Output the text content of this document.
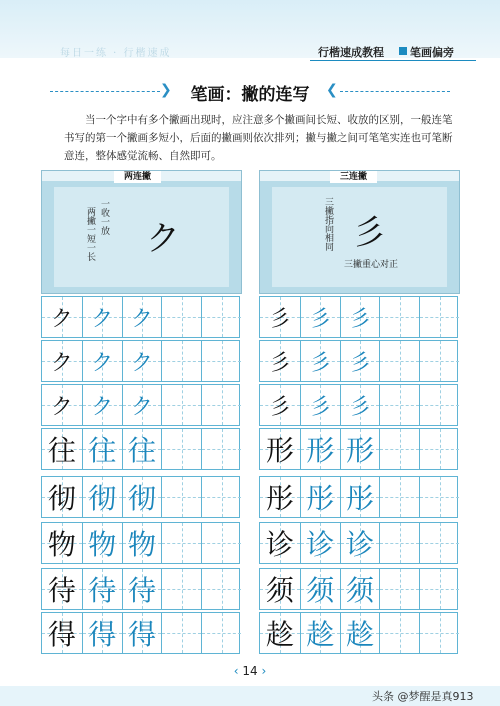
每日一练 · 行楷速成	行楷速成教程 笔画偏旁
❯	笔画：撇的连写	❮
当一个字中有多个撇画出现时，应注意多个撇画间长短、收放的区别，一般连笔书写的第一个撇画多短小，后面的撇画则依次排列；撇与撇之间可笔笔实连也可笔断意连，整体感觉流畅、自然即可。
两连撇
一收一放
两撇一短一长 ク
三连撇
三撇指向相同 彡
三撇重心对正
ク ク ク
ク ク ク
ク ク ク
往 往 往
彻 彻 彻
物 物 物
待 待 待
得 得 得
彡 彡 彡
彡 彡 彡
彡 彡 彡
形 形 形
彤 彤 彤
诊 诊 诊
须 须 须
趁 趁 趁
‹ 14 ›
头条 @梦醒是真913
